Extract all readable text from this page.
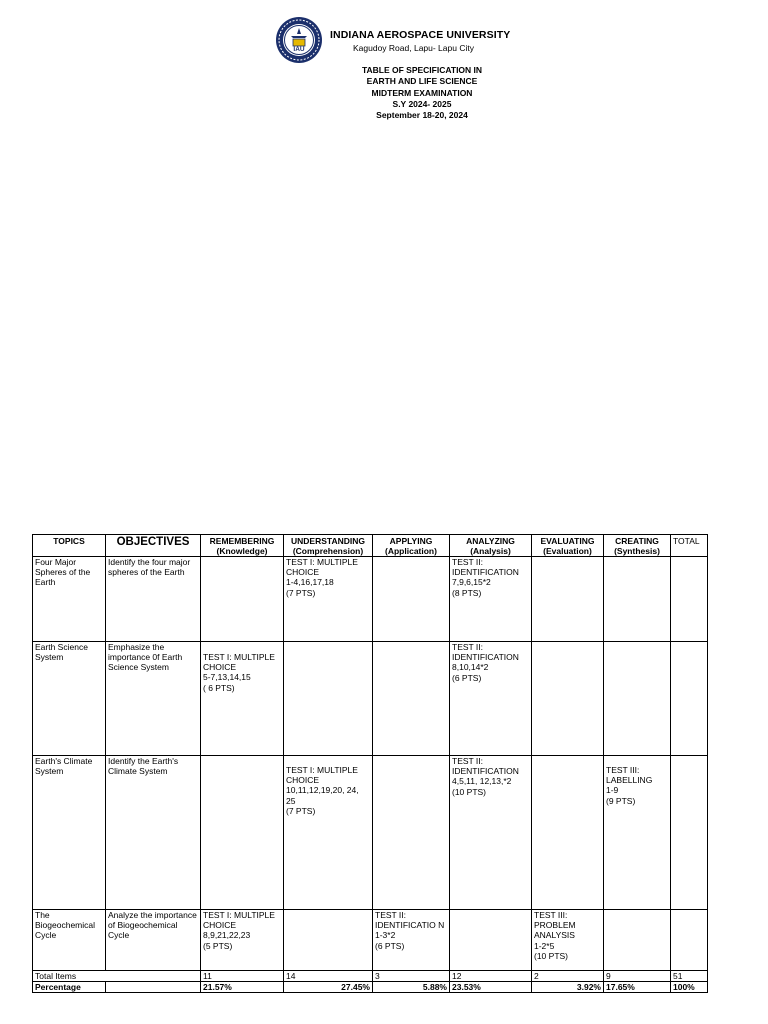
IAU
INDIANA AEROSPACE UNIVERSITY
Kagudoy Road, Lapu- Lapu City
TABLE OF SPECIFICATION IN
EARTH AND LIFE SCIENCE
MIDTERM EXAMINATION
S.Y 2024- 2025
September 18-20, 2024
TOPICS	OBJECTIVES	REMEMBERING
(Knowledge)	UNDERSTANDING
(Comprehension)	APPLYING
(Application)	ANALYZING
(Analysis)	EVALUATING
(Evaluation)	CREATING
(Synthesis)	TOTAL
Four Major Spheres of the Earth	Identify the four major spheres of the Earth		TEST I: MULTIPLE CHOICE
1-4,16,17,18
(7 PTS)		TEST II: IDENTIFICATION
7,9,6,15*2
(8 PTS)			
Earth Science System	Emphasize the importance 0f Earth Science System	TEST I: MULTIPLE CHOICE
5-7,13,14,15
( 6 PTS)			TEST II: IDENTIFICATION
8,10,14*2
(6 PTS)			
Earth's Climate System	Identify the Earth's Climate System		TEST I: MULTIPLE CHOICE
10,11,12,19,20, 24, 25
(7 PTS)		TEST II: IDENTIFICATION
4,5,11, 12,13,*2
(10 PTS)		TEST III: LABELLING
1-9
(9 PTS)	
The Biogeochemical Cycle	Analyze the importance of Biogeochemical Cycle	TEST I: MULTIPLE CHOICE
8,9,21,22,23
(5 PTS)		TEST II: IDENTIFICATIO N
1-3*2
(6 PTS)		TEST III: PROBLEM ANALYSIS
1-2*5
(10 PTS)		
Total Items		11	14	3	12	2	9	51
Percentage		21.57%	27.45%	5.88%	23.53%	3.92%	17.65%	100%
